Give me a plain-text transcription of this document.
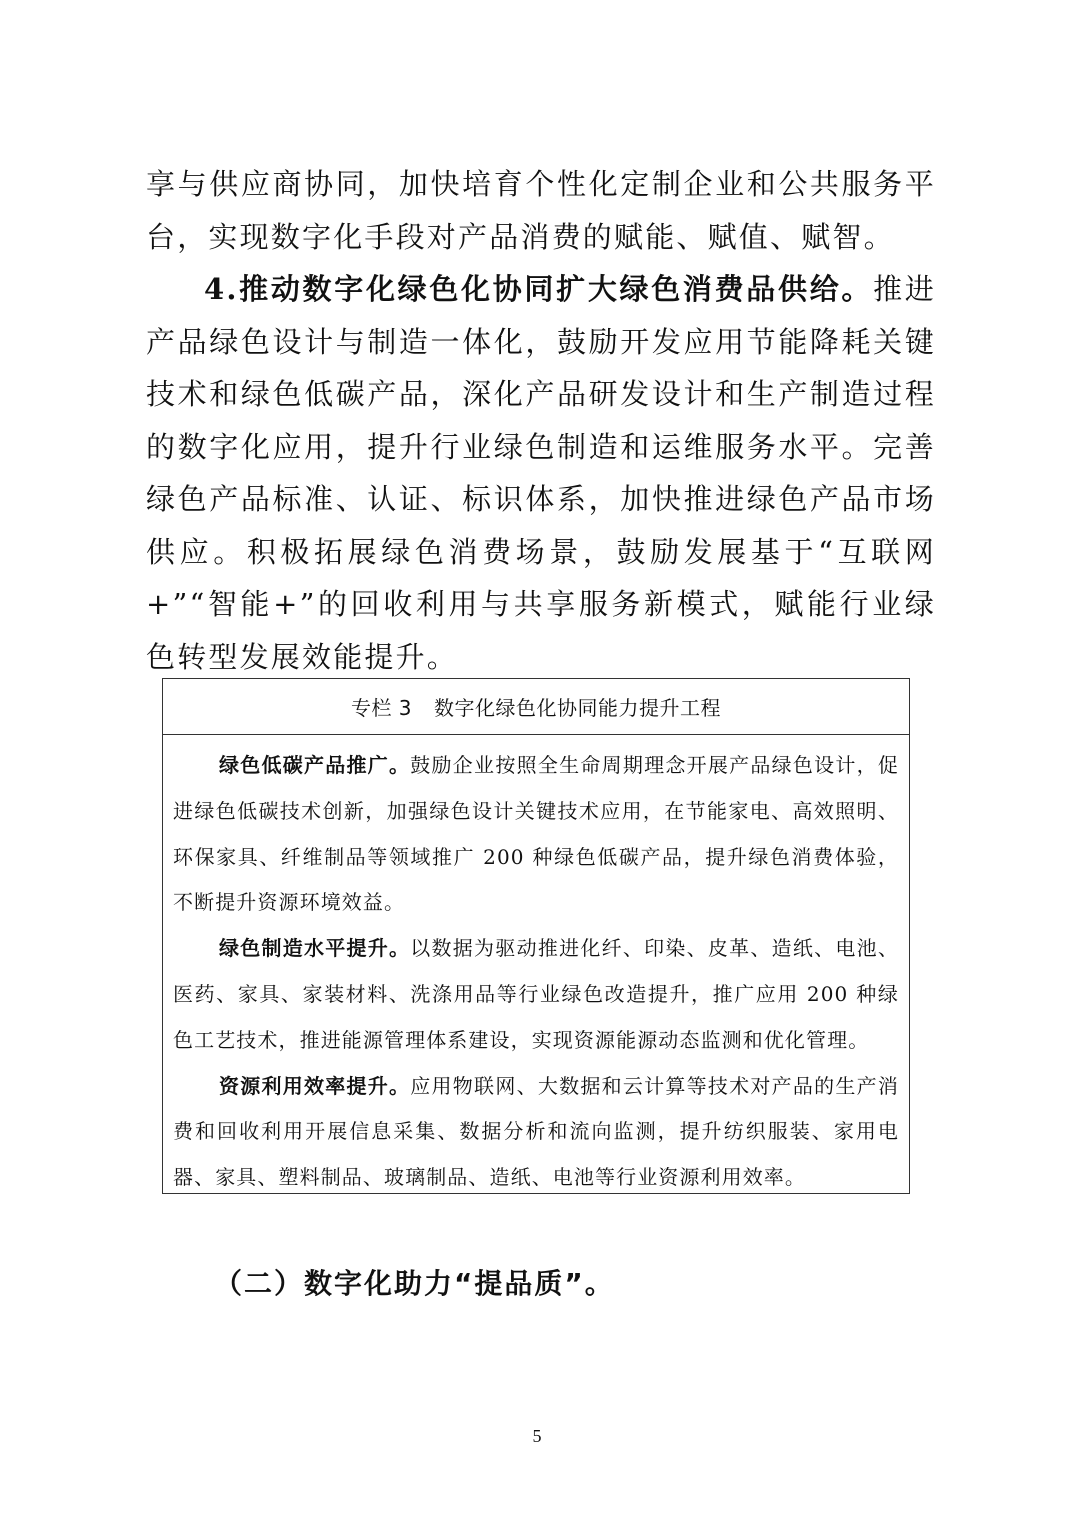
享与供应商协同，加快培育个性化定制企业和公共服务平台，实现数字化手段对产品消费的赋能、赋值、赋智。

4.推动数字化绿色化协同扩大绿色消费品供给。推进产品绿色设计与制造一体化，鼓励开发应用节能降耗关键技术和绿色低碳产品，深化产品研发设计和生产制造过程的数字化应用，提升行业绿色制造和运维服务水平。完善绿色产品标准、认证、标识体系，加快推进绿色产品市场供应。积极拓展绿色消费场景，鼓励发展基于“互联网+”“智能+”的回收利用与共享服务新模式，赋能行业绿色转型发展效能提升。

专栏 3 数字化绿色化协同能力提升工程

绿色低碳产品推广。鼓励企业按照全生命周期理念开展产品绿色设计，促进绿色低碳技术创新，加强绿色设计关键技术应用，在节能家电、高效照明、环保家具、纤维制品等领域推广 200 种绿色低碳产品，提升绿色消费体验，不断提升资源环境效益。

绿色制造水平提升。以数据为驱动推进化纤、印染、皮革、造纸、电池、医药、家具、家装材料、洗涤用品等行业绿色改造提升，推广应用 200 种绿色工艺技术，推进能源管理体系建设，实现资源能源动态监测和优化管理。

资源利用效率提升。应用物联网、大数据和云计算等技术对产品的生产消费和回收利用开展信息采集、数据分析和流向监测，提升纺织服装、家用电器、家具、塑料制品、玻璃制品、造纸、电池等行业资源利用效率。

（二）数字化助力“提品质”。
5
